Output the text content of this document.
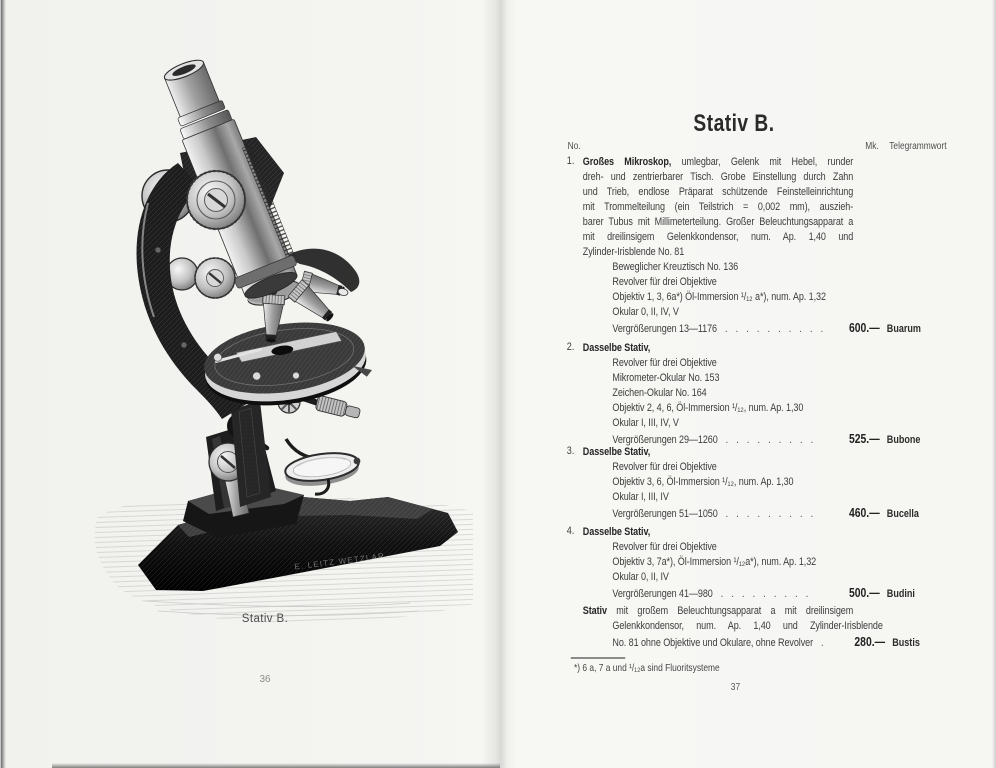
E. LEITZ WETZLAR
Stativ B.
36
Stativ B.
No.	Mk. Telegrammwort
1. Großes Mikroskop, umlegbar, Gelenk mit Hebel, runder
dreh- und zentrierbarer Tisch. Grobe Einstellung durch Zahn
und Trieb, endlose Präparat schützende Feinstelleinrichtung
mit Trommelteilung (ein Teilstrich = 0,002 mm), auszieh-
barer Tubus mit Millimeterteilung. Großer Beleuchtungsapparat a
mit dreilinsigem Gelenkkondensor, num. Ap. 1,40 und
Zylinder-Irisblende No. 81
Beweglicher Kreuztisch No. 136
Revolver für drei Objektive
Objektiv 1, 3, 6a*) Öl-Immersion ¹/₁₂ a*), num. Ap. 1,32
Okular 0, II, IV, V
Vergrößerungen 13—1176 . . . . . . . . . .	600.— Buarum
2. Dasselbe Stativ,
Revolver für drei Objektive
Mikrometer-Okular No. 153
Zeichen-Okular No. 164
Objektiv 2, 4, 6, Öl-Immersion ¹/₁₂, num. Ap. 1,30
Okular I, III, IV, V
Vergrößerungen 29—1260 . . . . . . . . .	525.— Bubone
3. Dasselbe Stativ,
Revolver für drei Objektive
Objektiv 3, 6, Öl-Immersion ¹/₁₂, num. Ap. 1,30
Okular I, III, IV
Vergrößerungen 51—1050 . . . . . . . . .	460.— Bucella
4. Dasselbe Stativ,
Revolver für drei Objektive
Objektiv 3, 7a*), Öl-Immersion ¹/₁₂a*), num. Ap. 1,32
Okular 0, II, IV
Vergrößerungen 41—980 . . . . . . . . .	500.— Budini
Stativ mit großem Beleuchtungsapparat a mit dreilinsigem
Gelenkkondensor, num. Ap. 1,40 und Zylinder-Irisblende
No. 81 ohne Objektive und Okulare, ohne Revolver .	280.— Bustis
*) 6 a, 7 a und ¹/₁₂a sind Fluoritsysteme
37
